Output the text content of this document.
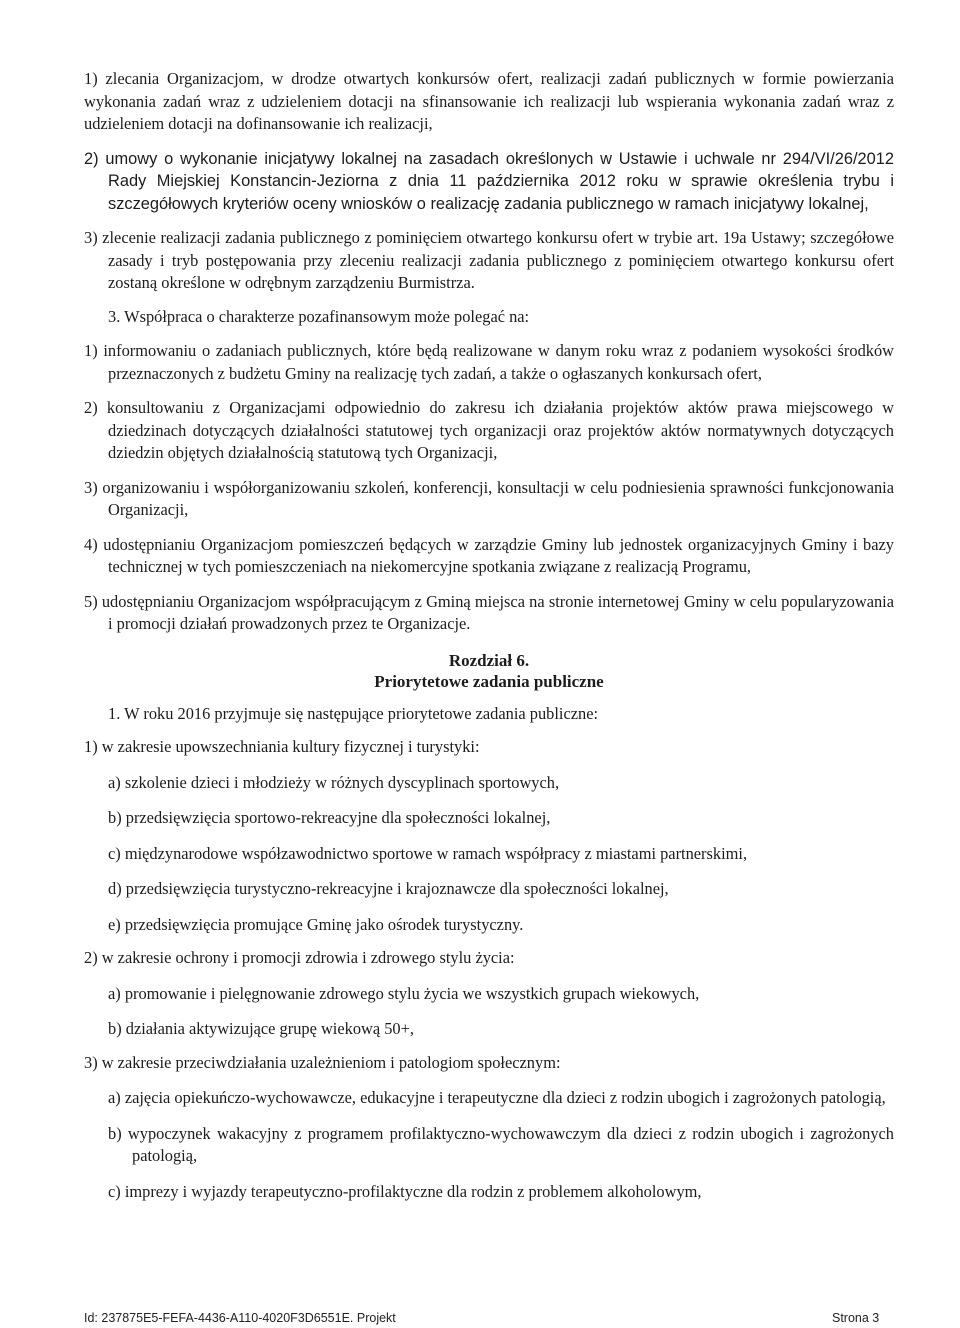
1) zlecania Organizacjom, w drodze otwartych konkursów ofert, realizacji zadań publicznych w formie powierzania wykonania zadań wraz z udzieleniem dotacji na sfinansowanie ich realizacji lub wspierania wykonania zadań wraz z udzieleniem dotacji na dofinansowanie ich realizacji,

2) umowy o wykonanie inicjatywy lokalnej na zasadach określonych w Ustawie i uchwale nr 294/VI/26/2012 Rady Miejskiej Konstancin-Jeziorna z dnia 11 października 2012 roku w sprawie określenia trybu i szczegółowych kryteriów oceny wniosków o realizację zadania publicznego w ramach inicjatywy lokalnej,

3) zlecenie realizacji zadania publicznego z pominięciem otwartego konkursu ofert w trybie art. 19a Ustawy; szczegółowe zasady i tryb postępowania przy zleceniu realizacji zadania publicznego z pominięciem otwartego konkursu ofert zostaną określone w odrębnym zarządzeniu Burmistrza.

3. Współpraca o charakterze pozafinansowym może polegać na:

1) informowaniu o zadaniach publicznych, które będą realizowane w danym roku wraz z podaniem wysokości środków przeznaczonych z budżetu Gminy na realizację tych zadań, a także o ogłaszanych konkursach ofert,

2) konsultowaniu z Organizacjami odpowiednio do zakresu ich działania projektów aktów prawa miejscowego w dziedzinach dotyczących działalności statutowej tych organizacji oraz projektów aktów normatywnych dotyczących dziedzin objętych działalnością statutową tych Organizacji,

3) organizowaniu i współorganizowaniu szkoleń, konferencji, konsultacji w celu podniesienia sprawności funkcjonowania Organizacji,

4) udostępnianiu Organizacjom pomieszczeń będących w zarządzie Gminy lub jednostek organizacyjnych Gminy i bazy technicznej w tych pomieszczeniach na niekomercyjne spotkania związane z realizacją Programu,

5) udostępnianiu Organizacjom współpracującym z Gminą miejsca na stronie internetowej Gminy w celu popularyzowania i promocji działań prowadzonych przez te Organizacje.

Rozdział 6.
Priorytetowe zadania publiczne

1. W roku 2016 przyjmuje się następujące priorytetowe zadania publiczne:

1) w zakresie upowszechniania kultury fizycznej i turystyki:

a) szkolenie dzieci i młodzieży w różnych dyscyplinach sportowych,

b) przedsięwzięcia sportowo-rekreacyjne dla społeczności lokalnej,

c) międzynarodowe współzawodnictwo sportowe w ramach współpracy z miastami partnerskimi,

d) przedsięwzięcia turystyczno-rekreacyjne i krajoznawcze dla społeczności lokalnej,

e) przedsięwzięcia promujące Gminę jako ośrodek turystyczny.

2) w zakresie ochrony i promocji zdrowia i zdrowego stylu życia:

a) promowanie i pielęgnowanie zdrowego stylu życia we wszystkich grupach wiekowych,

b) działania aktywizujące grupę wiekową 50+,

3) w zakresie przeciwdziałania uzależnieniom i patologiom społecznym:

a) zajęcia opiekuńczo-wychowawcze, edukacyjne i terapeutyczne dla dzieci z rodzin ubogich i zagrożonych patologią,

b) wypoczynek wakacyjny z programem profilaktyczno-wychowawczym dla dzieci z rodzin ubogich i zagrożonych patologią,

c) imprezy i wyjazdy terapeutyczno-profilaktyczne dla rodzin z problemem alkoholowym,

Id: 237875E5-FEFA-4436-A110-4020F3D6551E. Projekt	Strona 3
